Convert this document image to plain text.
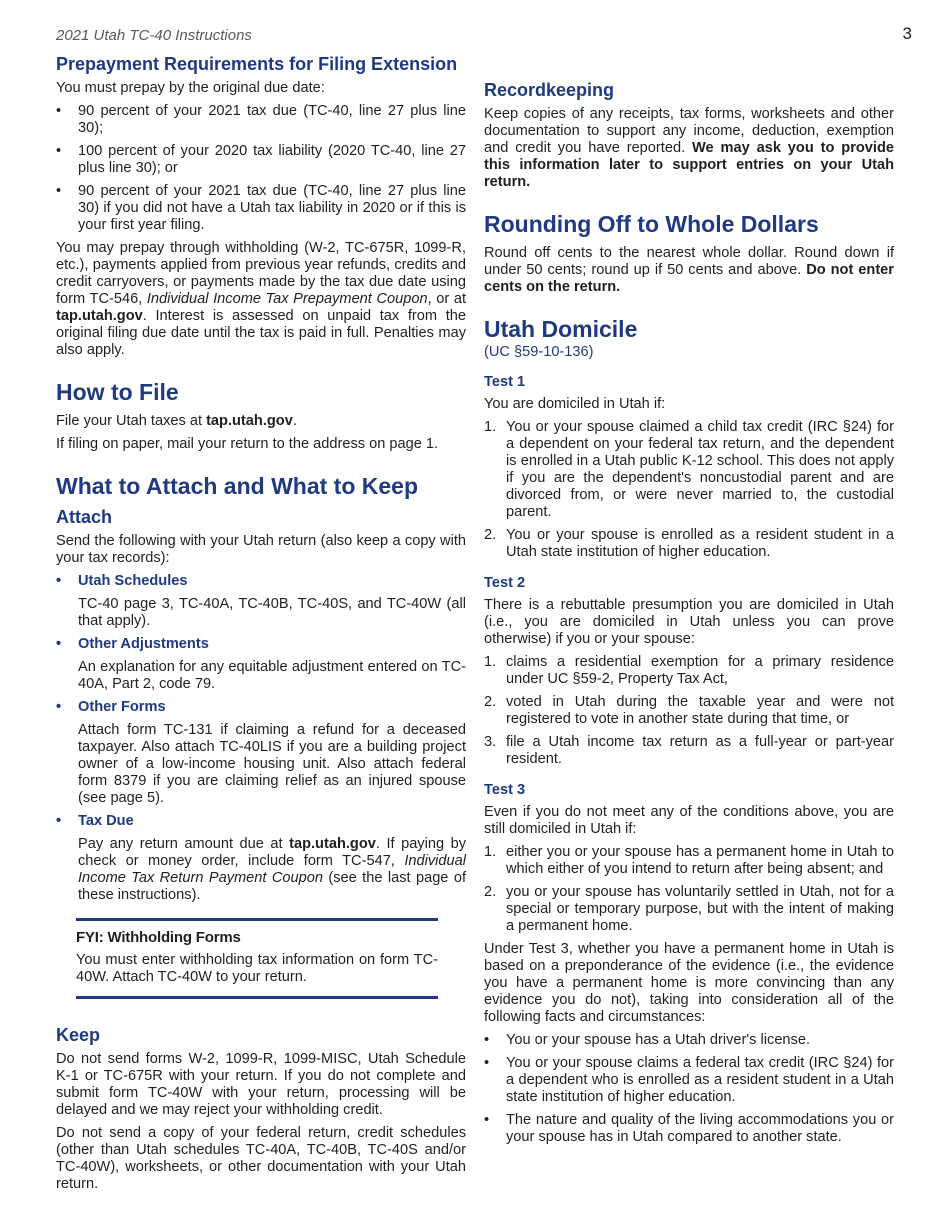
2021 Utah TC-40 Instructions	3
Prepayment Requirements for Filing Extension

You must prepay by the original due date:

• 90 percent of your 2021 tax due (TC-40, line 27 plus line 30);
• 100 percent of your 2020 tax liability (2020 TC-40, line 27 plus line 30); or
• 90 percent of your 2021 tax due (TC-40, line 27 plus line 30) if you did not have a Utah tax liability in 2020 or if this is your first year filing.

You may prepay through withholding (W-2, TC-675R, 1099-R, etc.), payments applied from previous year refunds, credits and credit carryovers, or payments made by the tax due date using form TC-546, Individual Income Tax Prepayment Coupon, or at tap.utah.gov. Interest is assessed on unpaid tax from the original filing due date until the tax is paid in full. Penalties may also apply.

How to File

File your Utah taxes at tap.utah.gov.

If filing on paper, mail your return to the address on page 1.

What to Attach and What to Keep
Attach

Send the following with your Utah return (also keep a copy with your tax records):

• Utah Schedules

TC-40 page 3, TC-40A, TC-40B, TC-40S, and TC-40W (all that apply).

• Other Adjustments

An explanation for any equitable adjustment entered on TC-40A, Part 2, code 79.

• Other Forms

Attach form TC-131 if claiming a refund for a deceased taxpayer. Also attach TC-40LIS if you are a building project owner of a low-income housing unit. Also attach federal form 8379 if you are claiming relief as an injured spouse (see page 5).

• Tax Due

Pay any return amount due at tap.utah.gov. If paying by check or money order, include form TC-547, Individual Income Tax Return Payment Coupon (see the last page of these instructions).

FYI: Withholding Forms

You must enter withholding tax information on form TC-40W. Attach TC-40W to your return.

Keep

Do not send forms W-2, 1099-R, 1099-MISC, Utah Schedule K-1 or TC-675R with your return. If you do not complete and submit form TC-40W with your return, processing will be delayed and we may reject your withholding credit.

Do not send a copy of your federal return, credit schedules (other than Utah schedules TC-40A, TC-40B, TC-40S and/or TC-40W), worksheets, or other documentation with your Utah return.

Recordkeeping

Keep copies of any receipts, tax forms, worksheets and other documentation to support any income, deduction, exemption and credit you have reported. We may ask you to provide this information later to support entries on your Utah return.

Rounding Off to Whole Dollars

Round off cents to the nearest whole dollar. Round down if under 50 cents; round up if 50 cents and above. Do not enter cents on the return.

Utah Domicile
(UC §59-10-136)
Test 1

You are domiciled in Utah if:

1. You or your spouse claimed a child tax credit (IRC §24) for a dependent on your federal tax return, and the dependent is enrolled in a Utah public K-12 school. This does not apply if you are the dependent's noncustodial parent and are divorced from, or were never married to, the custodial parent.
2. You or your spouse is enrolled as a resident student in a Utah state institution of higher education.
Test 2

There is a rebuttable presumption you are domiciled in Utah (i.e., you are domiciled in Utah unless you can prove otherwise) if you or your spouse:

1. claims a residential exemption for a primary residence under UC §59-2, Property Tax Act,
2. voted in Utah during the taxable year and were not registered to vote in another state during that time, or
3. file a Utah income tax return as a full-year or part-year resident.
Test 3

Even if you do not meet any of the conditions above, you are still domiciled in Utah if:

1. either you or your spouse has a permanent home in Utah to which either of you intend to return after being absent; and
2. you or your spouse has voluntarily settled in Utah, not for a special or temporary purpose, but with the intent of making a permanent home.

Under Test 3, whether you have a permanent home in Utah is based on a preponderance of the evidence (i.e., the evidence you have a permanent home is more convincing than any evidence you do not), taking into consideration all of the following facts and circumstances:

• You or your spouse has a Utah driver's license.
• You or your spouse claims a federal tax credit (IRC §24) for a dependent who is enrolled as a resident student in a Utah state institution of higher education.
• The nature and quality of the living accommodations you or your spouse has in Utah compared to another state.
